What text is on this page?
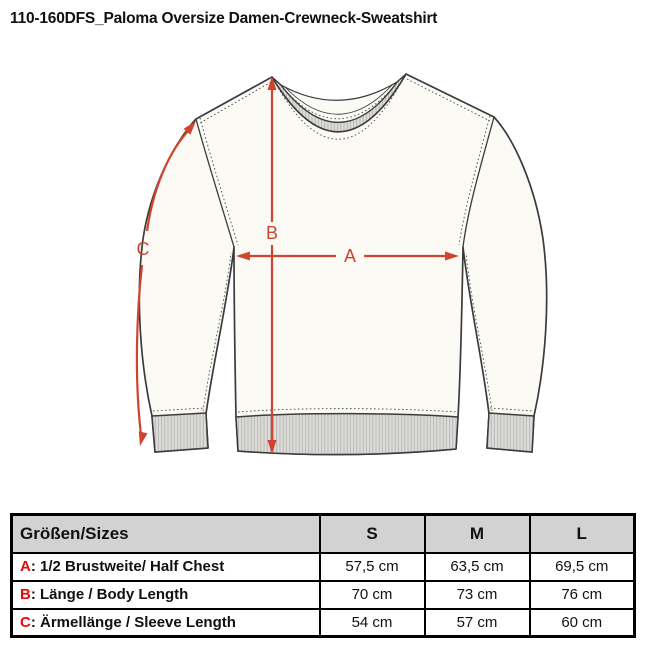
110-160DFS_Paloma Oversize Damen-Crewneck-Sweatshirt
B
A
C
Größen/Sizes	S	M	L
A: 1/2 Brustweite/ Half Chest	57,5 cm	63,5 cm	69,5 cm
B: Länge / Body Length	70 cm	73 cm	76 cm
C: Ärmellänge / Sleeve Length	54 cm	57 cm	60 cm
